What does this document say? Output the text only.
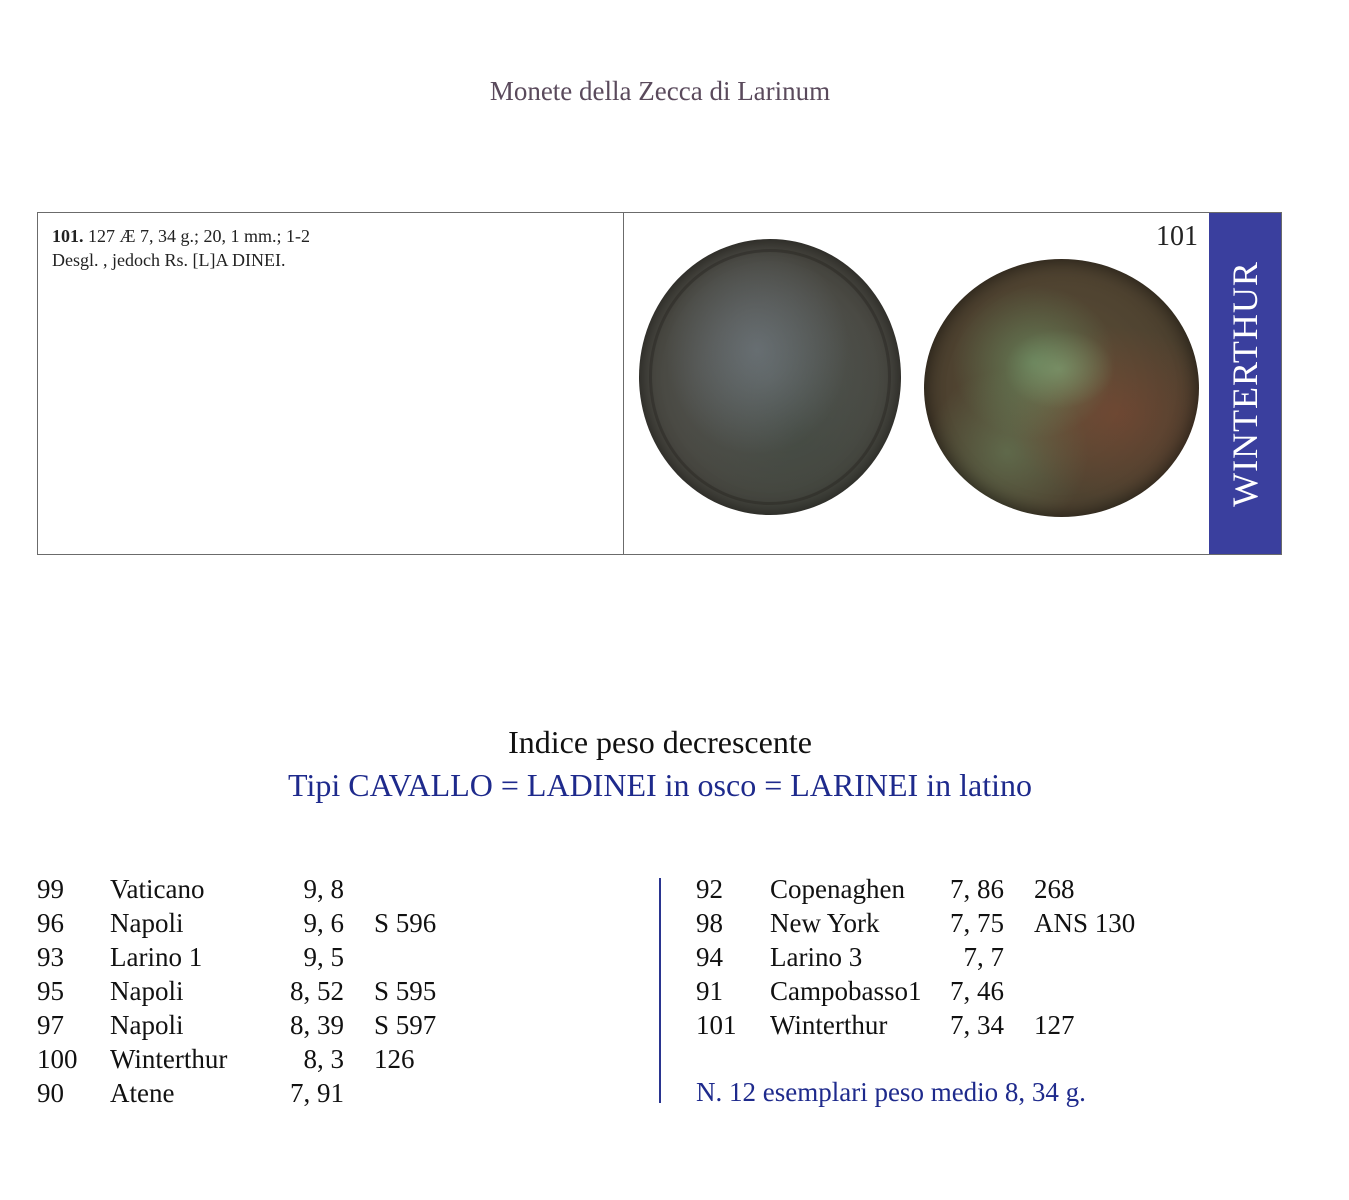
Monete della Zecca di Larinum
101. 127 Æ 7, 34 g.; 20, 1 mm.; 1-2
Desgl. , jedoch Rs. [L]A DINEI.
101
WINTERTHUR
Indice peso decrescente
Tipi CAVALLO = LADINEI in osco = LARINEI in latino
99 Vaticano	9, 8
96 Napoli	9, 6 S 596
93 Larino 1	9, 5
95 Napoli	8, 52 S 595
97 Napoli	8, 39 S 597
100 Winterthur	8, 3 126
90 Atene	7, 91
92 Copenaghen	7, 86 268
98 New York	7, 75 ANS 130
94 Larino 3	7, 7
91 Campobasso1	7, 46
101 Winterthur	7, 34 127
N. 12 esemplari peso medio 8, 34 g.
